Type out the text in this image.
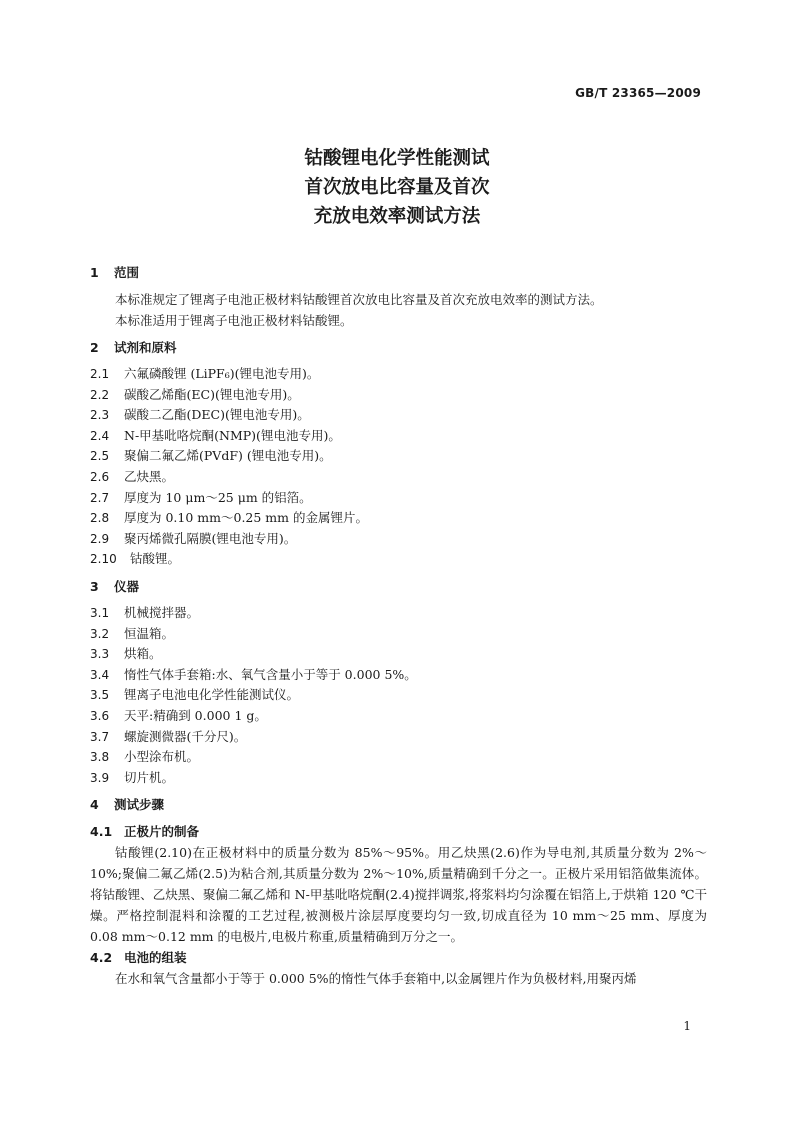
GB/T 23365—2009
钴酸锂电化学性能测试
首次放电比容量及首次
充放电效率测试方法
1 范围
本标准规定了锂离子电池正极材料钴酸锂首次放电比容量及首次充放电效率的测试方法。
本标准适用于锂离子电池正极材料钴酸锂。
2 试剂和原料
2.1 六氟磷酸锂 (LiPF₆)(锂电池专用)。
2.2 碳酸乙烯酯(EC)(锂电池专用)。
2.3 碳酸二乙酯(DEC)(锂电池专用)。
2.4 N-甲基吡咯烷酮(NMP)(锂电池专用)。
2.5 聚偏二氟乙烯(PVdF) (锂电池专用)。
2.6 乙炔黑。
2.7 厚度为 10 μm～25 μm 的铝箔。
2.8 厚度为 0.10 mm～0.25 mm 的金属锂片。
2.9 聚丙烯微孔隔膜(锂电池专用)。
2.10 钴酸锂。
3 仪器
3.1 机械搅拌器。
3.2 恒温箱。
3.3 烘箱。
3.4 惰性气体手套箱:水、氧气含量小于等于 0.000 5%。
3.5 锂离子电池电化学性能测试仪。
3.6 天平:精确到 0.000 1 g。
3.7 螺旋测微器(千分尺)。
3.8 小型涂布机。
3.9 切片机。
4 测试步骤
4.1 正极片的制备
钴酸锂(2.10)在正极材料中的质量分数为 85%～95%。用乙炔黑(2.6)作为导电剂,其质量分数为 2%～10%;聚偏二氟乙烯(2.5)为粘合剂,其质量分数为 2%～10%,质量精确到千分之一。正极片采用铝箔做集流体。将钴酸锂、乙炔黑、聚偏二氟乙烯和 N-甲基吡咯烷酮(2.4)搅拌调浆,将浆料均匀涂覆在铝箔上,于烘箱 120 ℃干燥。严格控制混料和涂覆的工艺过程,被测极片涂层厚度要均匀一致,切成直径为 10 mm～25 mm、厚度为 0.08 mm～0.12 mm 的电极片,电极片称重,质量精确到万分之一。
4.2 电池的组装
在水和氧气含量都小于等于 0.000 5%的惰性气体手套箱中,以金属锂片作为负极材料,用聚丙烯
1
